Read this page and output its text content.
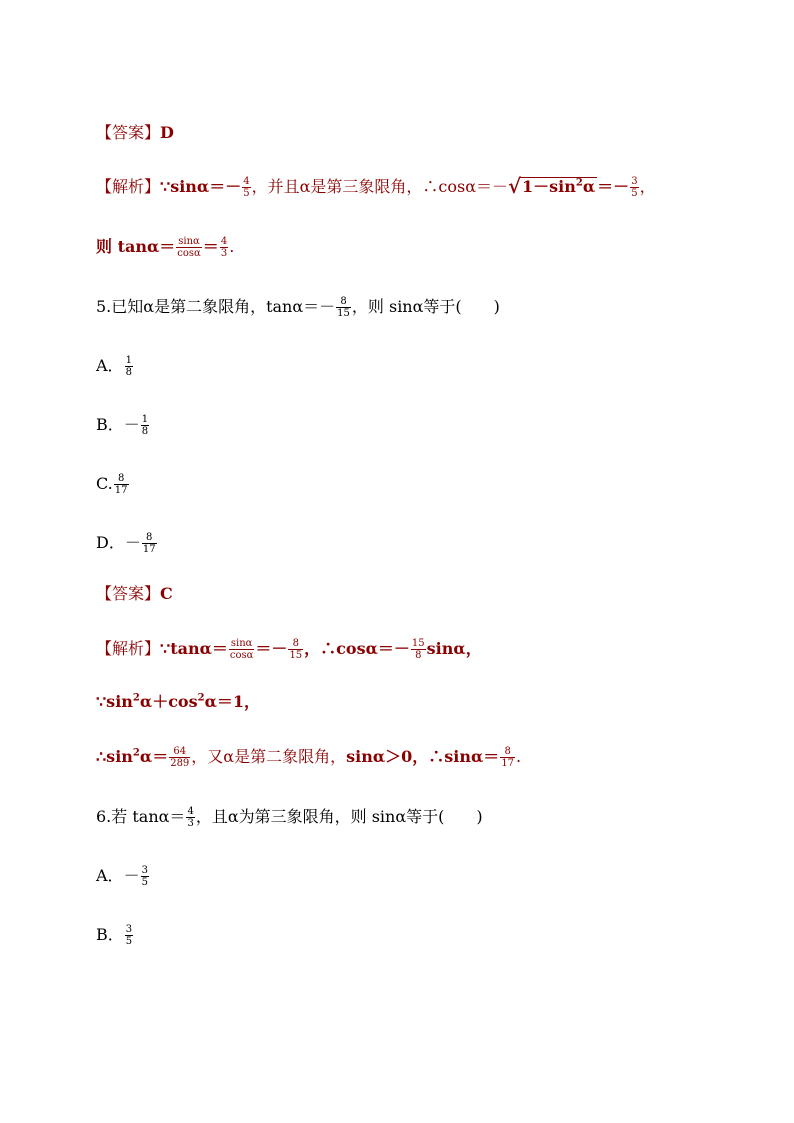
【答案】D
【解析】∵sinα＝－ $\frac{4}{5}$ ，并且α是第三象限角，∴cosα＝－ √ $1-\sin^2\alpha =- \frac{3}{5}$ ，
则 $\tan\alpha= \frac{\sin\alpha}{\cos\alpha} = \frac{4}{3}$ .
5.已知α是第二象限角，$\tan\alpha=- \frac{8}{15}$ ，则 sinα等于(　　)
A． $\frac{1}{8}$
B．－ $\frac{1}{8}$
C. $\frac{8}{17}$
D．－ $\frac{8}{17}$
【答案】C
【解析】∵tanα＝ $\frac{\sin\alpha}{\cos\alpha} =- \frac{8}{15}$ ，∴cosα＝－ $\frac{15}{8}$ sinα，
$\because\sin^2\alpha+\cos^2\alpha=1$，
$\therefore\sin^2\alpha= \frac{64}{289}$ ，又α是第二象限角，sinα＞0，∴sinα＝ $\frac{8}{17}$ .
6.若 $\tan\alpha= \frac{4}{3}$ ，且α为第三象限角，则 sinα等于(　　)
A．－ $\frac{3}{5}$
B． $\frac{3}{5}$
